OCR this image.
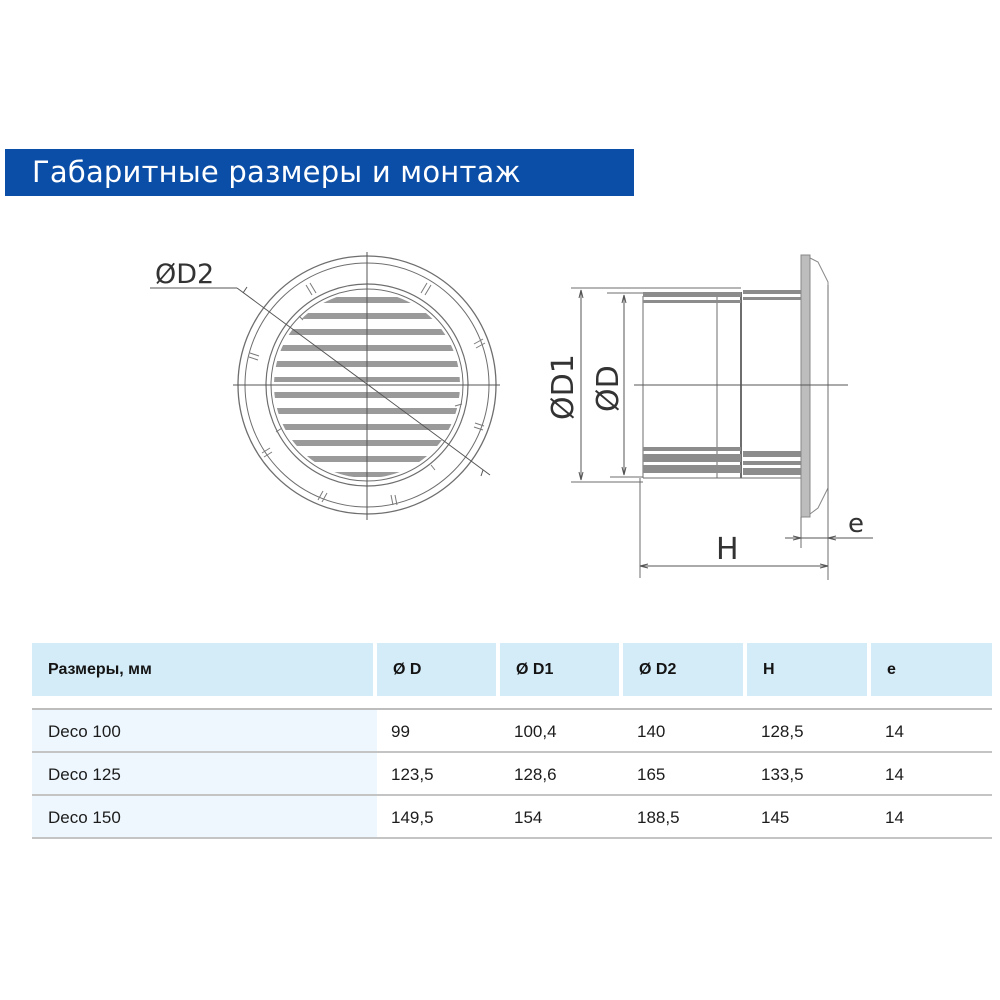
Габаритные размеры и монтаж
ØD2
ØD1 ØD
H
e
Размеры, мм	Ø D	Ø D1	Ø D2	H	e
Deco 100	99	100,4	140	128,5	14
Deco 125	123,5	128,6	165	133,5	14
Deco 150	149,5	154	188,5	145	14
